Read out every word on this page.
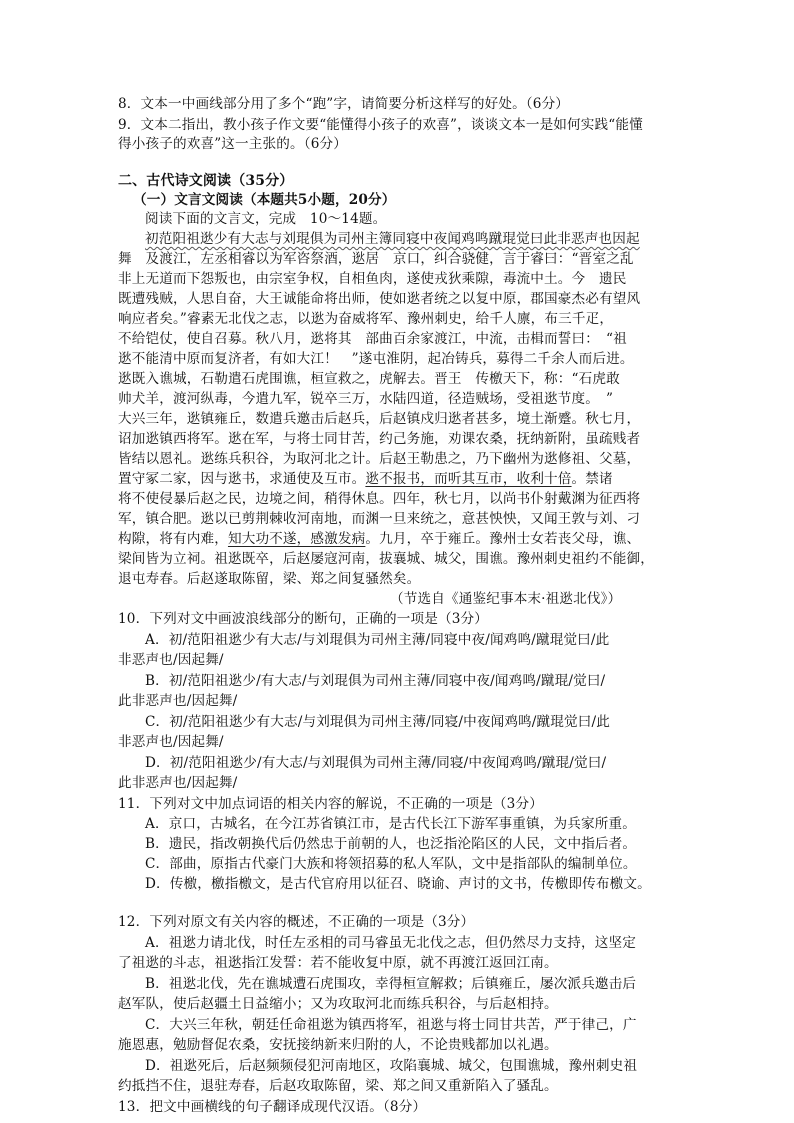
8．文本一中画线部分用了多个“跑”字，请简要分析这样写的好处。（6分）
9．文本二指出，教小孩子作文要“能懂得小孩子的欢喜”，谈谈文本一是如何实践“能懂
得小孩子的欢喜”这一主张的。（6分）
二、古代诗文阅读（35分）
（一）文言文阅读（本题共5小题，20分）
阅读下面的文言文，完成　10～14题。
初范阳祖逖少有大志与刘琨俱为司州主簿同寝中夜闻鸡鸣蹴琨觉曰此非恶声也因起
舞　及渡江，左丞相睿以为军咨祭酒，逖居　京口，纠合骁健，言于睿曰：“晋室之乱
非上无道而下怨叛也，由宗室争权，自相鱼肉，遂使戎狄乘隙，毒流中土。今　遗民
既遭残贼，人思自奋，大王诚能命将出师，使如逖者统之以复中原，郡国豪杰必有望风
响应者矣。”睿素无北伐之志，以逖为奋威将军、豫州刺史，给千人廪，布三千疋，
不给铠仗，使自召募。秋八月，逖将其　部曲百余家渡江，中流，击楫而誓曰：　“祖
逖不能清中原而复济者，有如大江！　”遂屯淮阴，起冶铸兵，募得二千余人而后进。
逖既入谯城，石勒遣石虎围谯，桓宣救之，虎解去。晋王　传檄天下，称：“石虎敢
帅犬羊，渡河纵毒，今遣九军，锐卒三万，水陆四道，径造贼场，受祖逖节度。　”
大兴三年，逖镇雍丘，数遣兵邀击后赵兵，后赵镇戍归逖者甚多，境土渐蹙。秋七月，
诏加逖镇西将军。逖在军，与将士同甘苦，约己务施，劝课农桑，抚纳新附，虽疏贱者
皆结以恩礼。逖练兵积谷，为取河北之计。后赵王勒患之，乃下幽州为逖修祖、父墓，
置守冢二家，因与逖书，求通使及互市。逖不报书，而听其互市，收利十倍。禁诸
将不使侵暴后赵之民，边境之间，稍得休息。四年，秋七月，以尚书仆射戴渊为征西将
军，镇合肥。逖以已剪荆棘收河南地，而渊一旦来统之，意甚怏怏，又闻王敦与刘、刁
构隙，将有内难，知大功不遂，感激发病。九月，卒于雍丘。豫州士女若丧父母，谯、
梁间皆为立祠。祖逖既卒，后赵屡寇河南，拔襄城、城父，围谯。豫州刺史祖约不能御，
退屯寿春。后赵遂取陈留，梁、郑之间复骚然矣。
（节选自《通鉴纪事本末·祖逖北伐》）
10．下列对文中画波浪线部分的断句，正确的一项是（3分）
A．初/范阳祖逖少有大志/与刘琨俱为司州主薄/同寝中夜/闻鸡鸣/蹴琨觉曰/此
非恶声也/因起舞/
B．初/范阳祖逖少/有大志/与刘琨俱为司州主薄/同寝中夜/闻鸡鸣/蹴琨/觉曰/
此非恶声也/因起舞/
C．初/范阳祖逖少有大志/与刘琨俱为司州主薄/同寝/中夜闻鸡鸣/蹴琨觉曰/此
非恶声也/因起舞/
D．初/范阳祖逖少/有大志/与刘琨俱为司州主薄/同寝/中夜闻鸡鸣/蹴琨/觉曰/
此非恶声也/因起舞/
11．下列对文中加点词语的相关内容的解说，不正确的一项是（3分）
A．京口，古城名，在今江苏省镇江市，是古代长江下游军事重镇，为兵家所重。
B．遗民，指改朝换代后仍然忠于前朝的人，也泛指沦陷区的人民，文中指后者。
C．部曲，原指古代豪门大族和将领招募的私人军队，文中是指部队的编制单位。
D．传檄，檄指檄文，是古代官府用以征召、晓谕、声讨的文书，传檄即传布檄文。
12．下列对原文有关内容的概述，不正确的一项是（3分）
A．祖逖力请北伐，时任左丞相的司马睿虽无北伐之志，但仍然尽力支持，这坚定
了祖逖的斗志，祖逖指江发誓：若不能收复中原，就不再渡江返回江南。
B．祖逖北伐，先在谯城遭石虎围攻，幸得桓宣解救；后镇雍丘，屡次派兵邀击后
赵军队，使后赵疆土日益缩小；又为攻取河北而练兵积谷，与后赵相持。
C．大兴三年秋，朝廷任命祖逖为镇西将军，祖逖与将士同甘共苦，严于律己，广
施恩惠，勉励督促农桑，安抚接纳新来归附的人，不论贵贱都加以礼遇。
D．祖逖死后，后赵频频侵犯河南地区，攻陷襄城、城父，包围谯城，豫州刺史祖
约抵挡不住，退驻寿春，后赵攻取陈留，梁、郑之间又重新陷入了骚乱。
13．把文中画横线的句子翻译成现代汉语。（8分）
